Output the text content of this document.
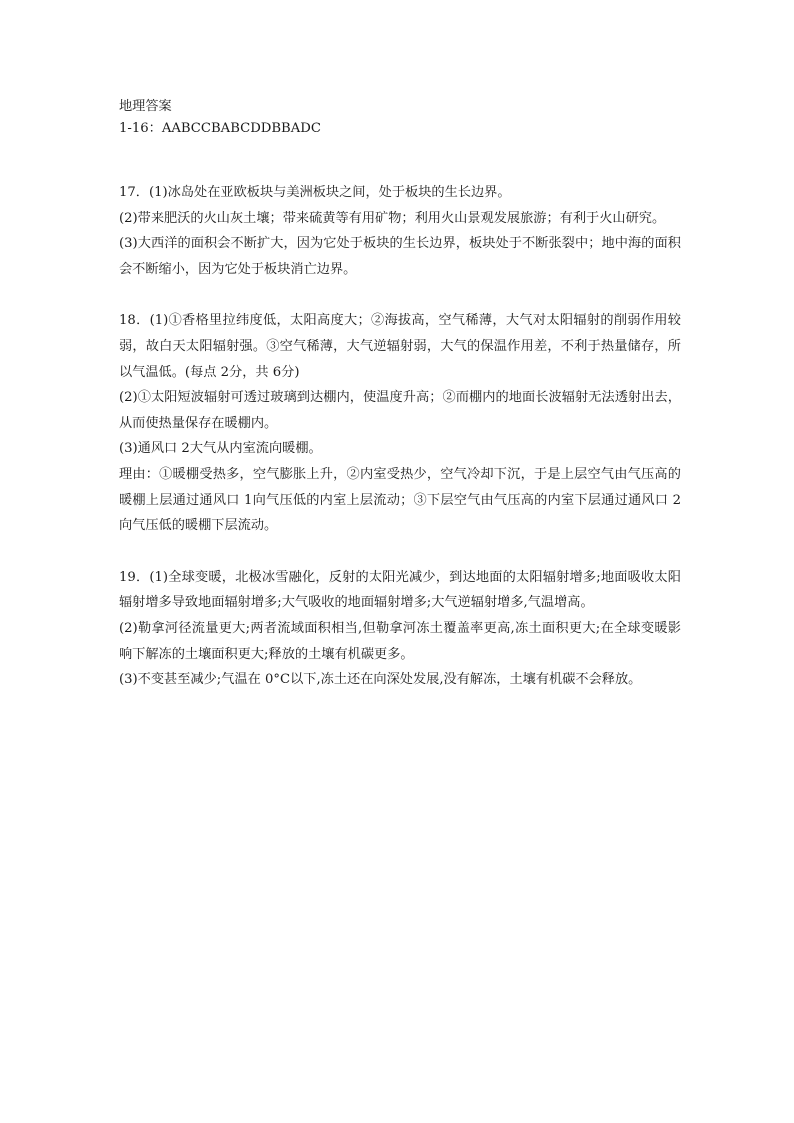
地理答案

1-16：AABCCBABCDDBBADC

17．(1)冰岛处在亚欧板块与美洲板块之间，处于板块的生长边界。

(2)带来肥沃的火山灰土壤；带来硫黄等有用矿物；利用火山景观发展旅游；有利于火山研究。

(3)大西洋的面积会不断扩大，因为它处于板块的生长边界，板块处于不断张裂中；地中海的面积会不断缩小，因为它处于板块消亡边界。

18．(1)①香格里拉纬度低，太阳高度大；②海拔高，空气稀薄，大气对太阳辐射的削弱作用较弱，故白天太阳辐射强。③空气稀薄，大气逆辐射弱，大气的保温作用差，不利于热量储存，所以气温低。(每点 2分，共 6分)

(2)①太阳短波辐射可透过玻璃到达棚内，使温度升高；②而棚内的地面长波辐射无法透射出去，从而使热量保存在暖棚内。

(3)通风口 2大气从内室流向暖棚。

理由：①暖棚受热多，空气膨胀上升，②内室受热少，空气冷却下沉，于是上层空气由气压高的暖棚上层通过通风口 1向气压低的内室上层流动；③下层空气由气压高的内室下层通过通风口 2向气压低的暖棚下层流动。

19．(1)全球变暖，北极冰雪融化，反射的太阳光减少，到达地面的太阳辐射增多;地面吸收太阳辐射增多导致地面辐射增多;大气吸收的地面辐射增多;大气逆辐射增多,气温增高。

(2)勒拿河径流量更大;两者流域面积相当,但勒拿河冻土覆盖率更高,冻土面积更大;在全球变暖影响下解冻的土壤面积更大;释放的土壤有机碳更多。

(3)不变甚至减少;气温在 0°C以下,冻土还在向深处发展,没有解冻，土壤有机碳不会释放。
